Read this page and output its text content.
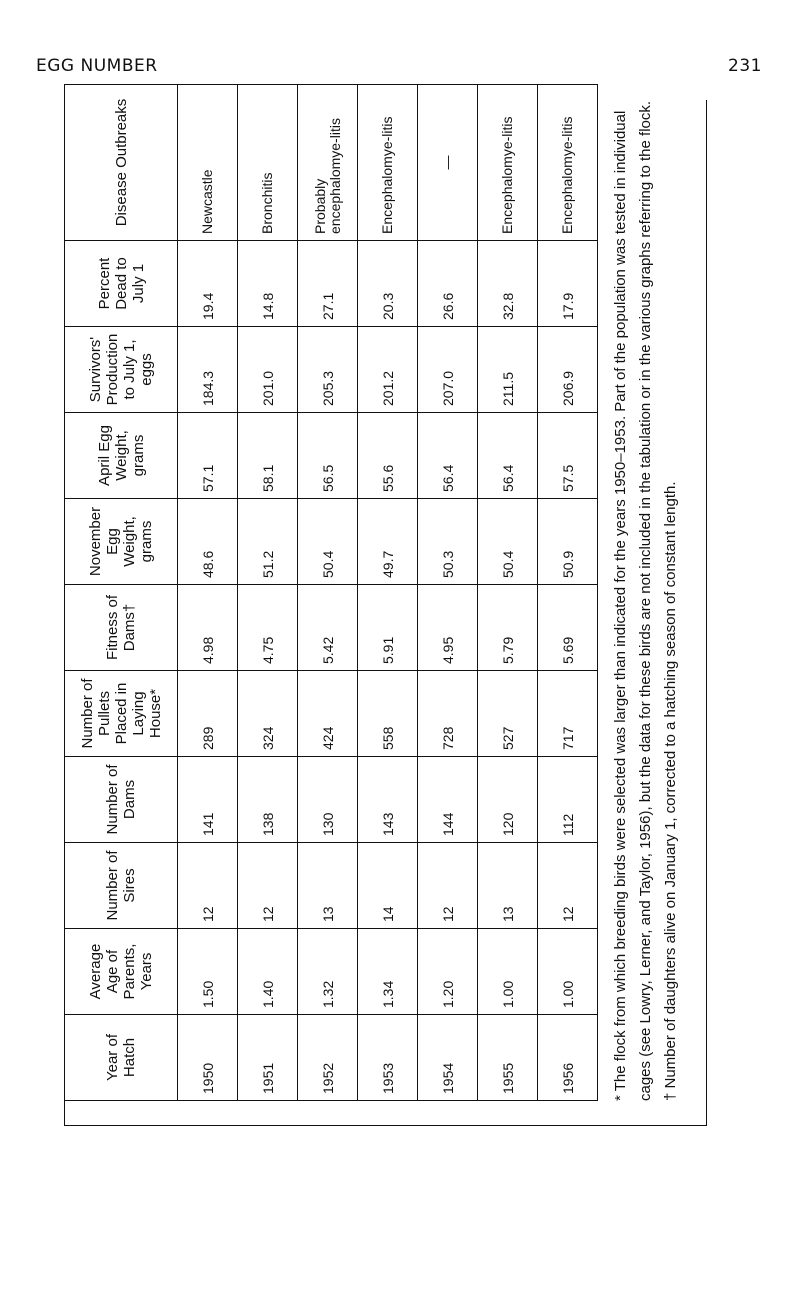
EGG NUMBER	231
Year of Hatch	Average Age of Parents, Years	Number of Sires	Number of Dams	Number of Pullets Placed in Laying House*	Fitness of Dams†	November Egg Weight, grams	April Egg Weight, grams	Survivors' Production to July 1, eggs	Percent Dead to July 1	Disease Outbreaks
1950	1.50	12	141	289	4.98	48.6	57.1	184.3	19.4	Newcastle
1951	1.40	12	138	324	4.75	51.2	58.1	201.0	14.8	Bronchitis
1952	1.32	13	130	424	5.42	50.4	56.5	205.3	27.1	Probably encephalomye-litis
1953	1.34	14	143	558	5.91	49.7	55.6	201.2	20.3	Encephalomye-litis
1954	1.20	12	144	728	4.95	50.3	56.4	207.0	26.6	—
1955	1.00	13	120	527	5.79	50.4	56.4	211.5	32.8	Encephalomye-litis
1956	1.00	12	112	717	5.69	50.9	57.5	206.9	17.9	Encephalomye-litis * The flock from which breeding birds were selected was larger than indicated for the years 1950–1953. Part of the population was tested in individual cages (see Lowry, Lerner, and Taylor, 1956), but the data for these birds are not included in the tabulation or in the various graphs referring to the flock. † Number of daughters alive on January 1, corrected to a hatching season of constant length.
